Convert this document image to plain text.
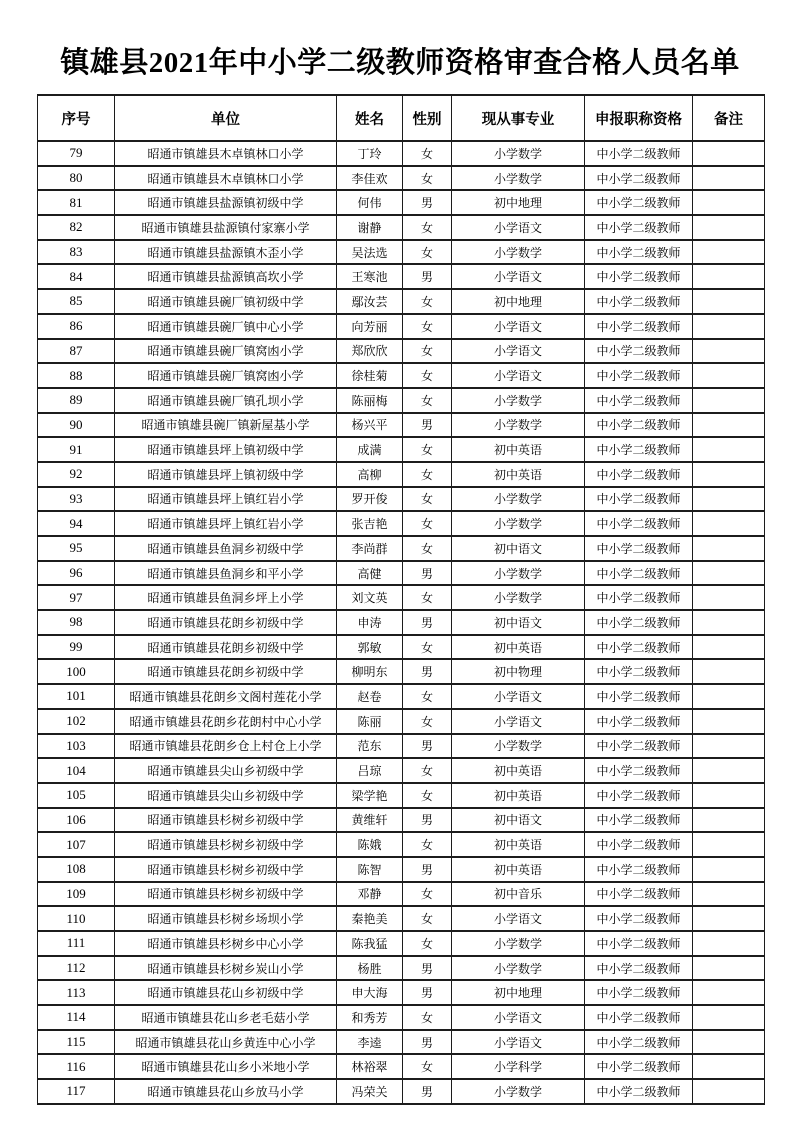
镇雄县2021年中小学二级教师资格审查合格人员名单
序号	单位	姓名	性别	现从事专业	申报职称资格	备注
79	昭通市镇雄县木卓镇林口小学	丁玲	女	小学数学	中小学二级教师	
80	昭通市镇雄县木卓镇林口小学	李佳欢	女	小学数学	中小学二级教师	
81	昭通市镇雄县盐源镇初级中学	何伟	男	初中地理	中小学二级教师	
82	昭通市镇雄县盐源镇付家寨小学	谢静	女	小学语文	中小学二级教师	
83	昭通市镇雄县盐源镇木歪小学	吴法选	女	小学数学	中小学二级教师	
84	昭通市镇雄县盐源镇高坎小学	王寒池	男	小学语文	中小学二级教师	
85	昭通市镇雄县碗厂镇初级中学	鄢汝芸	女	初中地理	中小学二级教师	
86	昭通市镇雄县碗厂镇中心小学	向芳丽	女	小学语文	中小学二级教师	
87	昭通市镇雄县碗厂镇窝凼小学	郑欣欣	女	小学语文	中小学二级教师	
88	昭通市镇雄县碗厂镇窝凼小学	徐桂菊	女	小学语文	中小学二级教师	
89	昭通市镇雄县碗厂镇孔坝小学	陈丽梅	女	小学数学	中小学二级教师	
90	昭通市镇雄县碗厂镇新屋基小学	杨兴平	男	小学数学	中小学二级教师	
91	昭通市镇雄县坪上镇初级中学	成满	女	初中英语	中小学二级教师	
92	昭通市镇雄县坪上镇初级中学	高柳	女	初中英语	中小学二级教师	
93	昭通市镇雄县坪上镇红岩小学	罗开俊	女	小学数学	中小学二级教师	
94	昭通市镇雄县坪上镇红岩小学	张吉艳	女	小学数学	中小学二级教师	
95	昭通市镇雄县鱼洞乡初级中学	李尚群	女	初中语文	中小学二级教师	
96	昭通市镇雄县鱼洞乡和平小学	高健	男	小学数学	中小学二级教师	
97	昭通市镇雄县鱼洞乡坪上小学	刘文英	女	小学数学	中小学二级教师	
98	昭通市镇雄县花朗乡初级中学	申涛	男	初中语文	中小学二级教师	
99	昭通市镇雄县花朗乡初级中学	郭敏	女	初中英语	中小学二级教师	
100	昭通市镇雄县花朗乡初级中学	柳明东	男	初中物理	中小学二级教师	
101	昭通市镇雄县花朗乡文阁村莲花小学	赵卷	女	小学语文	中小学二级教师	
102	昭通市镇雄县花朗乡花朗村中心小学	陈丽	女	小学语文	中小学二级教师	
103	昭通市镇雄县花朗乡仓上村仓上小学	范东	男	小学数学	中小学二级教师	
104	昭通市镇雄县尖山乡初级中学	吕琼	女	初中英语	中小学二级教师	
105	昭通市镇雄县尖山乡初级中学	梁学艳	女	初中英语	中小学二级教师	
106	昭通市镇雄县杉树乡初级中学	黄维轩	男	初中语文	中小学二级教师	
107	昭通市镇雄县杉树乡初级中学	陈娥	女	初中英语	中小学二级教师	
108	昭通市镇雄县杉树乡初级中学	陈智	男	初中英语	中小学二级教师	
109	昭通市镇雄县杉树乡初级中学	邓静	女	初中音乐	中小学二级教师	
110	昭通市镇雄县杉树乡场坝小学	秦艳美	女	小学语文	中小学二级教师	
111	昭通市镇雄县杉树乡中心小学	陈我猛	女	小学数学	中小学二级教师	
112	昭通市镇雄县杉树乡炭山小学	杨胜	男	小学数学	中小学二级教师	
113	昭通市镇雄县花山乡初级中学	申大海	男	初中地理	中小学二级教师	
114	昭通市镇雄县花山乡老毛菇小学	和秀芳	女	小学语文	中小学二级教师	
115	昭通市镇雄县花山乡黄连中心小学	李逵	男	小学语文	中小学二级教师	
116	昭通市镇雄县花山乡小米地小学	林裕翠	女	小学科学	中小学二级教师	
117	昭通市镇雄县花山乡放马小学	冯荣关	男	小学数学	中小学二级教师	
